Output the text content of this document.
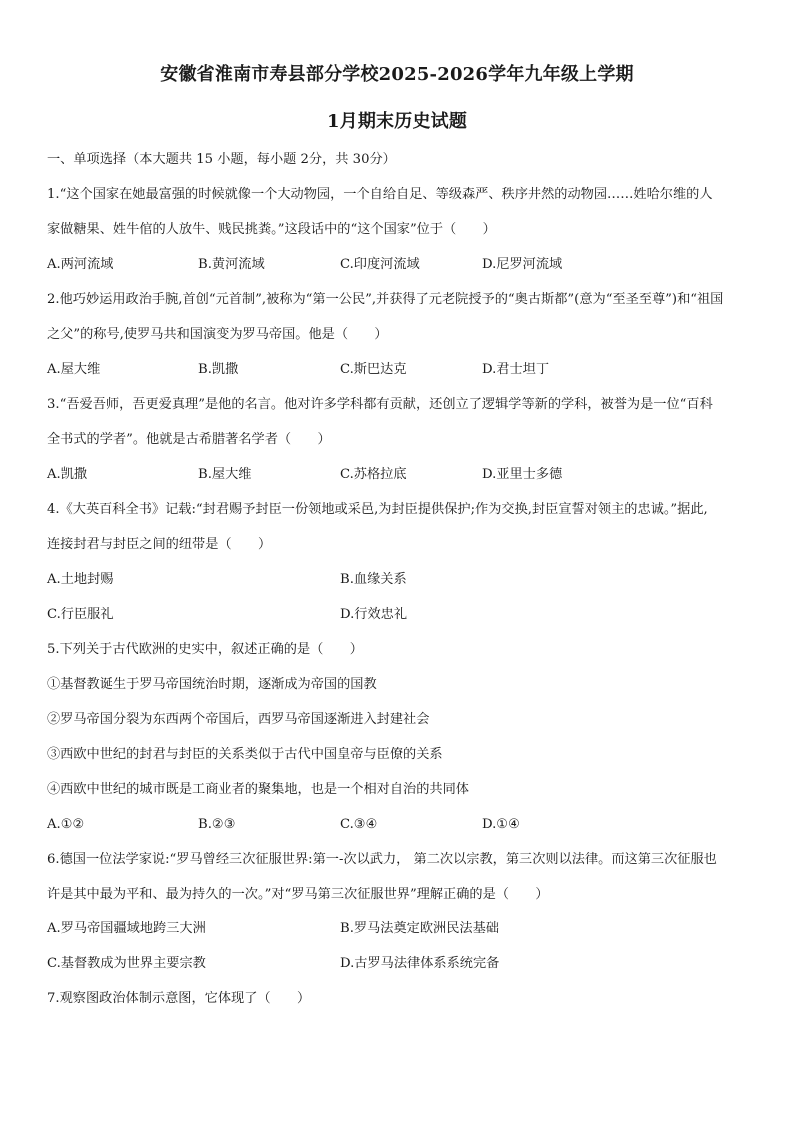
安徽省淮南市寿县部分学校2025-2026学年九年级上学期
1月期末历史试题
一、单项选择（本大题共 15 小题，每小题 2分，共 30分）
1.“这个国家在她最富强的时候就像一个大动物园，一个自给自足、等级森严、秩序井然的动物园……姓哈尔维的人
家做糖果、姓牛倌的人放牛、贱民挑粪。”这段话中的“这个国家”位于（　　）
A.两河流域	B.黄河流域	C.印度河流域	D.尼罗河流域
2.他巧妙运用政治手腕,首创“元首制”,被称为“第一公民”,并获得了元老院授予的“奥古斯都”(意为“至圣至尊”)和“祖国
之父”的称号,使罗马共和国演变为罗马帝国。他是（　　）
A.屋大维	B.凯撒	C.斯巴达克	D.君士坦丁
3.“吾爱吾师，吾更爱真理”是他的名言。他对许多学科都有贡献，还创立了逻辑学等新的学科，被誉为是一位“百科
全书式的学者”。他就是古希腊著名学者（　　）
A.凯撒	B.屋大维	C.苏格拉底	D.亚里士多德
4.《大英百科全书》记载:“封君赐予封臣一份领地或采邑,为封臣提供保护;作为交换,封臣宣誓对领主的忠诚。”据此,
连接封君与封臣之间的纽带是（　　）
A.土地封赐	B.血缘关系
C.行臣服礼	D.行效忠礼
5.下列关于古代欧洲的史实中，叙述正确的是（　　）
①基督教诞生于罗马帝国统治时期，逐渐成为帝国的国教
②罗马帝国分裂为东西两个帝国后，西罗马帝国逐渐进入封建社会
③西欧中世纪的封君与封臣的关系类似于古代中国皇帝与臣僚的关系
④西欧中世纪的城市既是工商业者的聚集地，也是一个相对自治的共同体
A.①②	B.②③	C.③④	D.①④
6.德国一位法学家说:“罗马曾经三次征服世界:第一-次以武力， 第二次以宗教，第三次则以法律。而这第三次征服也
许是其中最为平和、最为持久的一次。”对“罗马第三次征服世界”理解正确的是（　　）
A.罗马帝国疆域地跨三大洲	B.罗马法奠定欧洲民法基础
C.基督教成为世界主要宗教	D.古罗马法律体系系统完备
7.观察图政治体制示意图，它体现了（　　）
